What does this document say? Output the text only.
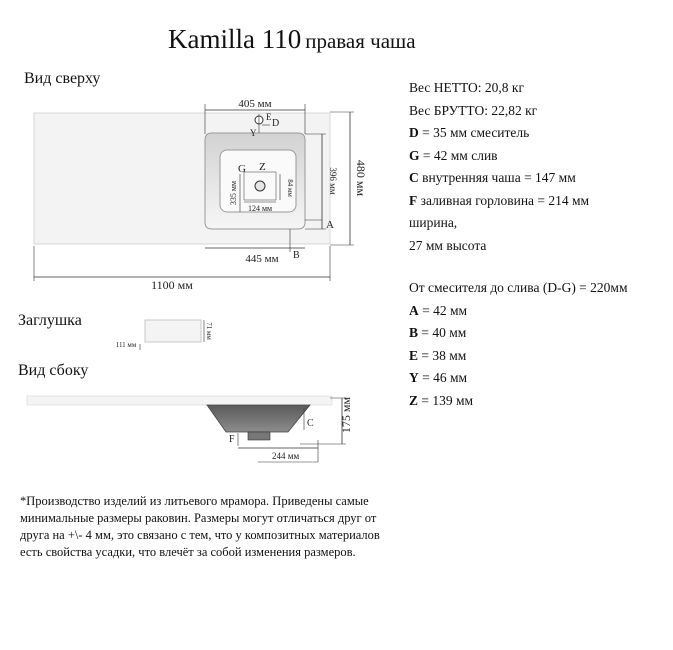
Kamilla 110 правая чаша
Вид сверху
Заглушка
Вид сбоку
405 мм
D
E
Y
G Z
335 мм
124 мм
84 мм	396 мм 480 мм
A
445 мм B
1100 мм
111 мм
71 мм
C
F
175 мм
244 мм
Вес НЕТТО: 20,8 кг
Вес БРУТТО: 22,82 кг
D = 35 мм смеситель
G = 42 мм слив
С внутренняя чаша = 147 мм
F заливная горловина = 214 мм
ширина,
27 мм высота
От смесителя до слива (D-G) = 220мм
A = 42 мм
B = 40 мм
E = 38 мм
Y = 46 мм
Z = 139 мм
*Производство изделий из литьевого мрамора. Приведены самые минимальные размеры раковин. Размеры могут отличаться друг от друга на +\- 4 мм, это связано с тем, что у композитных материалов есть свойства усадки, что влечёт за собой изменения размеров.
